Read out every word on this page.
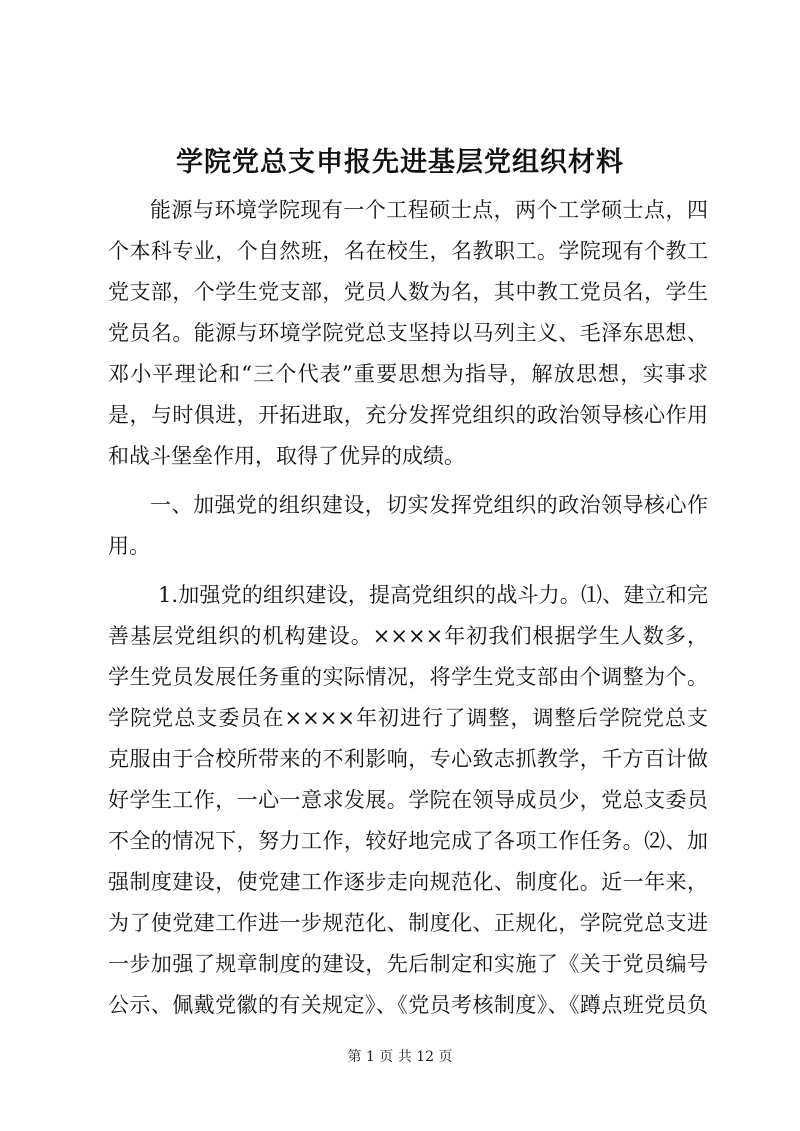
学院党总支申报先进基层党组织材料
能源与环境学院现有一个工程硕士点，两个工学硕士点，四
个本科专业，个自然班，名在校生，名教职工。学院现有个教工
党支部，个学生党支部，党员人数为名，其中教工党员名，学生
党员名。能源与环境学院党总支坚持以马列主义、毛泽东思想、
邓小平理论和“三个代表”重要思想为指导，解放思想，实事求
是，与时俱进，开拓进取，充分发挥党组织的政治领导核心作用
和战斗堡垒作用，取得了优异的成绩。
一、加强党的组织建设，切实发挥党组织的政治领导核心作
用。
1.加强党的组织建设，提高党组织的战斗力。⑴、建立和完
善基层党组织的机构建设。××××年初我们根据学生人数多，
学生党员发展任务重的实际情况，将学生党支部由个调整为个。
学院党总支委员在××××年初进行了调整，调整后学院党总支
克服由于合校所带来的不利影响，专心致志抓教学，千方百计做
好学生工作，一心一意求发展。学院在领导成员少，党总支委员
不全的情况下，努力工作，较好地完成了各项工作任务。⑵、加
强制度建设，使党建工作逐步走向规范化、制度化。近一年来，
为了使党建工作进一步规范化、制度化、正规化，学院党总支进
一步加强了规章制度的建设，先后制定和实施了《关于党员编号
公示、佩戴党徽的有关规定》、《党员考核制度》、《蹲点班党员负
第 1 页 共 12 页
